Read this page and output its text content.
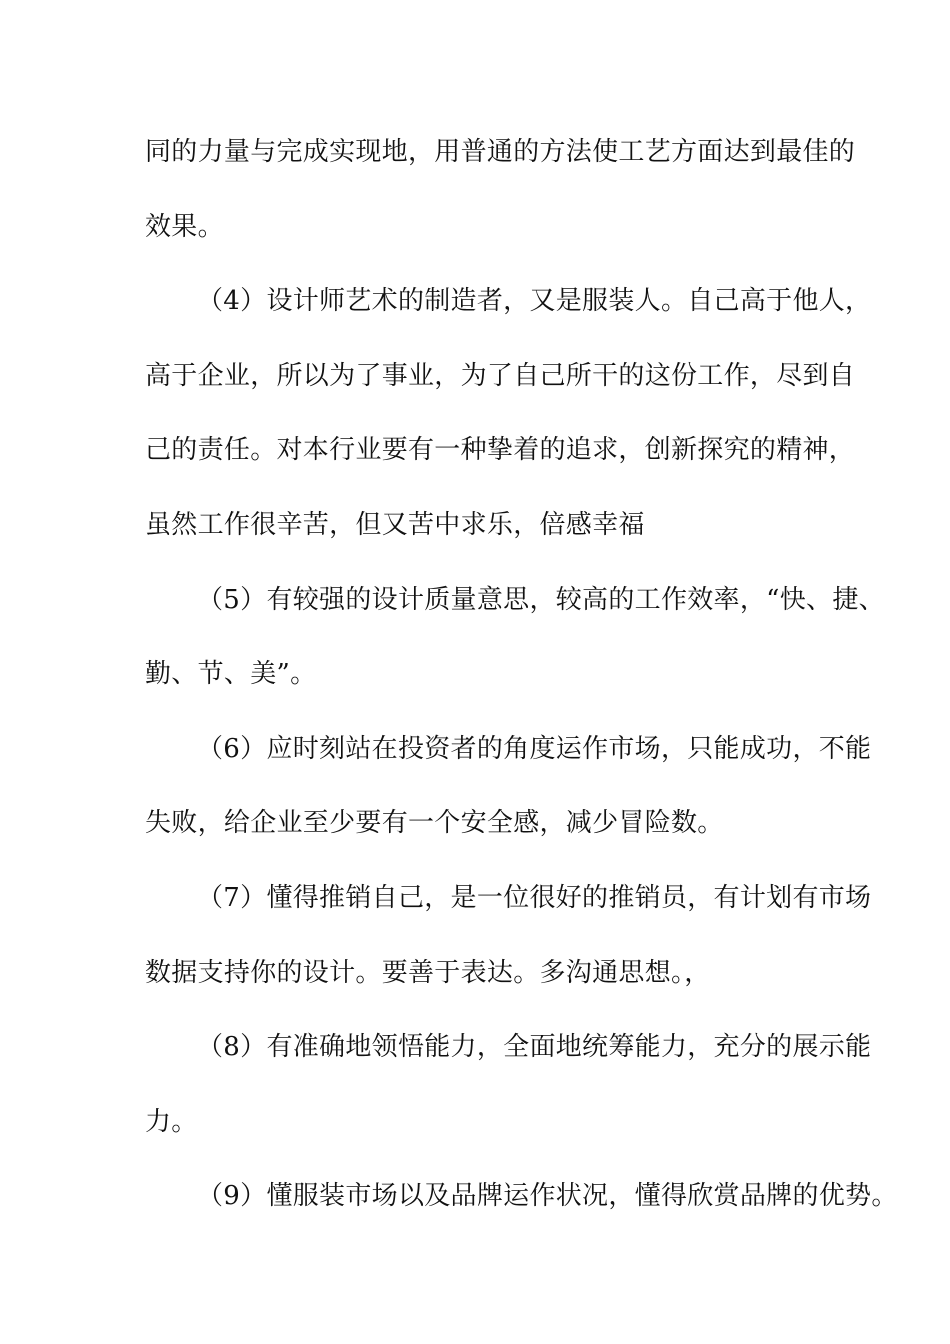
同的力量与完成实现地，用普通的方法使工艺方面达到最佳的
效果。
（4）设计师艺术的制造者，又是服装人。自己高于他人，
高于企业，所以为了事业，为了自己所干的这份工作，尽到自
己的责任。对本行业要有一种挚着的追求，创新探究的精神，
虽然工作很辛苦，但又苦中求乐，倍感幸福
（5）有较强的设计质量意思，较高的工作效率，“快、捷、
勤、节、美”。
（6）应时刻站在投资者的角度运作市场，只能成功，不能
失败，给企业至少要有一个安全感，减少冒险数。
（7）懂得推销自己，是一位很好的推销员，有计划有市场
数据支持你的设计。要善于表达。多沟通思想。，
（8）有准确地领悟能力，全面地统筹能力，充分的展示能
力。
（9）懂服装市场以及品牌运作状况，懂得欣赏品牌的优势。
